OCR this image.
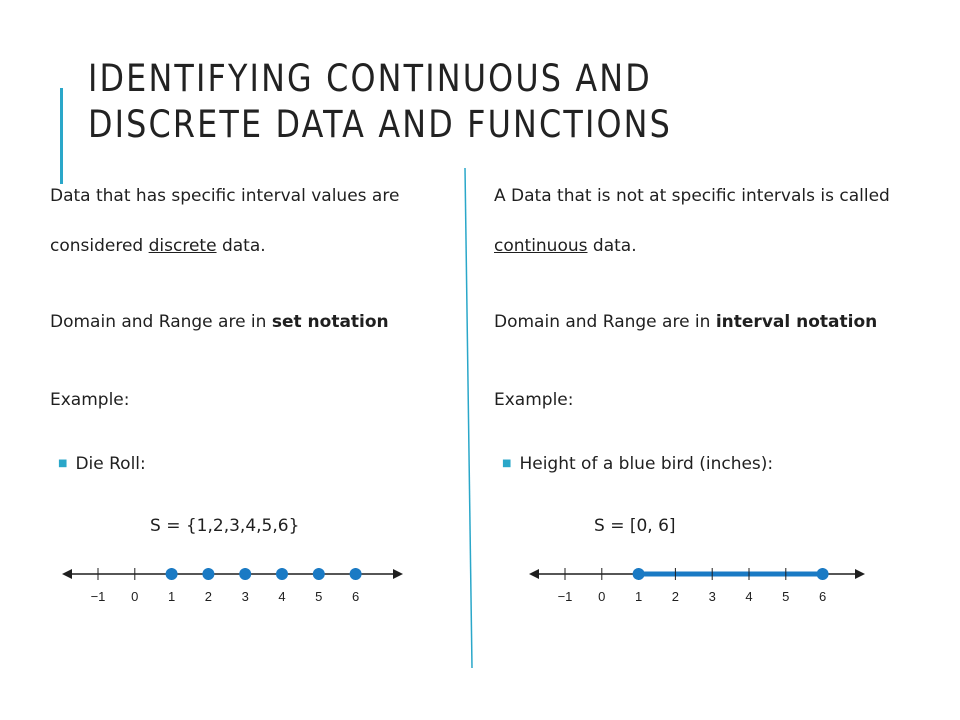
IDENTIFYING CONTINUOUS AND DISCRETE DATA AND FUNCTIONS
Data that has specific interval values are
considered discrete data.
Domain and Range are in set notation
Example:
■ Die Roll:
S = {1,2,3,4,5,6}
A Data that is not at specific intervals is called
continuous data.
Domain and Range are in interval notation
Example:
■ Height of a blue bird (inches):
S = [0, 6]
−1 0 1 2 3 4 5 6	−1 0 1 2 3 4 5 6
